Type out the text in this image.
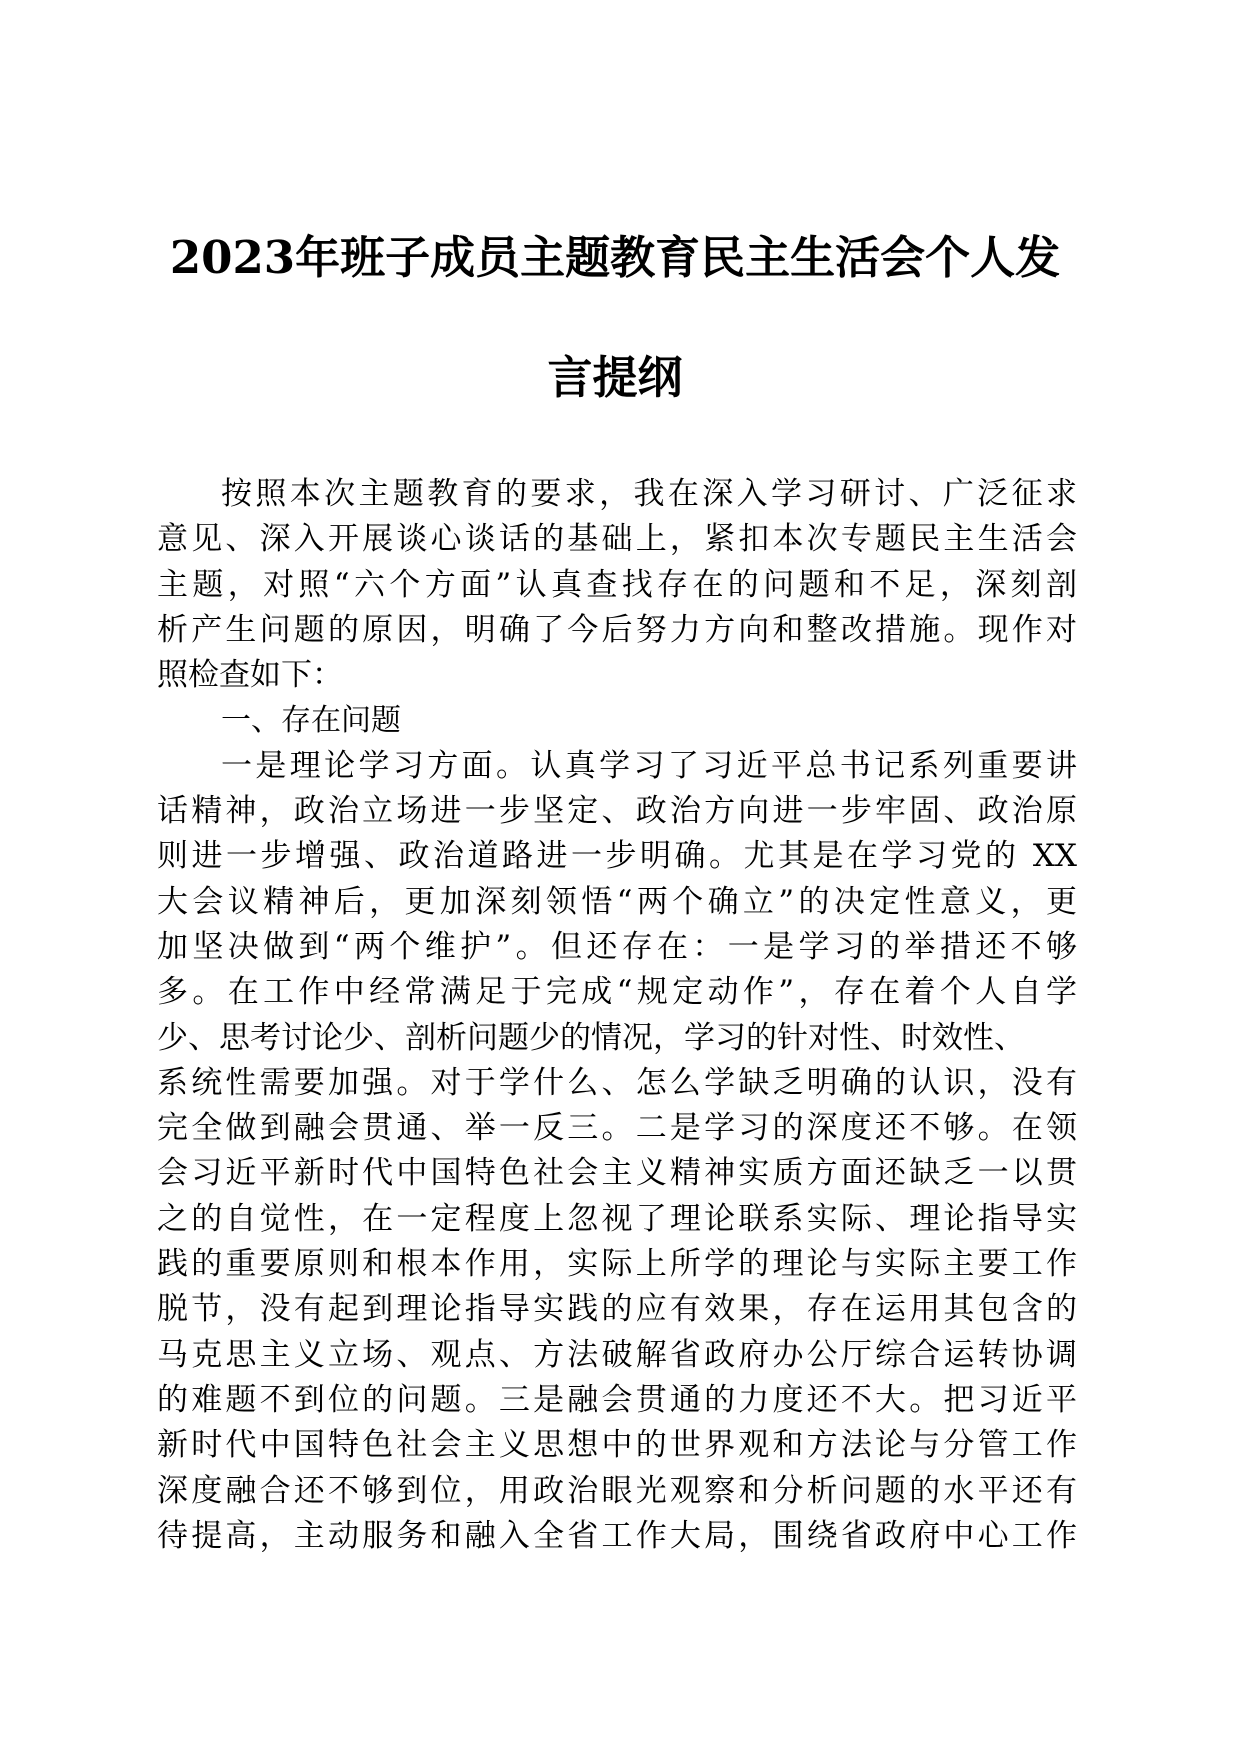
2023年班子成员主题教育民主生活会个人发
言提纲
按照本次主题教育的要求，我在深入学习研讨、广泛征求
意见、深入开展谈心谈话的基础上，紧扣本次专题民主生活会
主题，对照“六个方面”认真查找存在的问题和不足，深刻剖
析产生问题的原因，明确了今后努力方向和整改措施。现作对
照检查如下：
一、存在问题
一是理论学习方面。认真学习了习近平总书记系列重要讲
话精神，政治立场进一步坚定、政治方向进一步牢固、政治原
则进一步增强、政治道路进一步明确。尤其是在学习党的 XX
大会议精神后，更加深刻领悟“两个确立”的决定性意义，更
加坚决做到“两个维护”。但还存在：一是学习的举措还不够
多。在工作中经常满足于完成“规定动作”，存在着个人自学
少、思考讨论少、剖析问题少的情况，学习的针对性、时效性、
系统性需要加强。对于学什么、怎么学缺乏明确的认识，没有
完全做到融会贯通、举一反三。二是学习的深度还不够。在领
会习近平新时代中国特色社会主义精神实质方面还缺乏一以贯
之的自觉性，在一定程度上忽视了理论联系实际、理论指导实
践的重要原则和根本作用，实际上所学的理论与实际主要工作
脱节，没有起到理论指导实践的应有效果，存在运用其包含的
马克思主义立场、观点、方法破解省政府办公厅综合运转协调
的难题不到位的问题。三是融会贯通的力度还不大。把习近平
新时代中国特色社会主义思想中的世界观和方法论与分管工作
深度融合还不够到位，用政治眼光观察和分析问题的水平还有
待提高，主动服务和融入全省工作大局，围绕省政府中心工作
